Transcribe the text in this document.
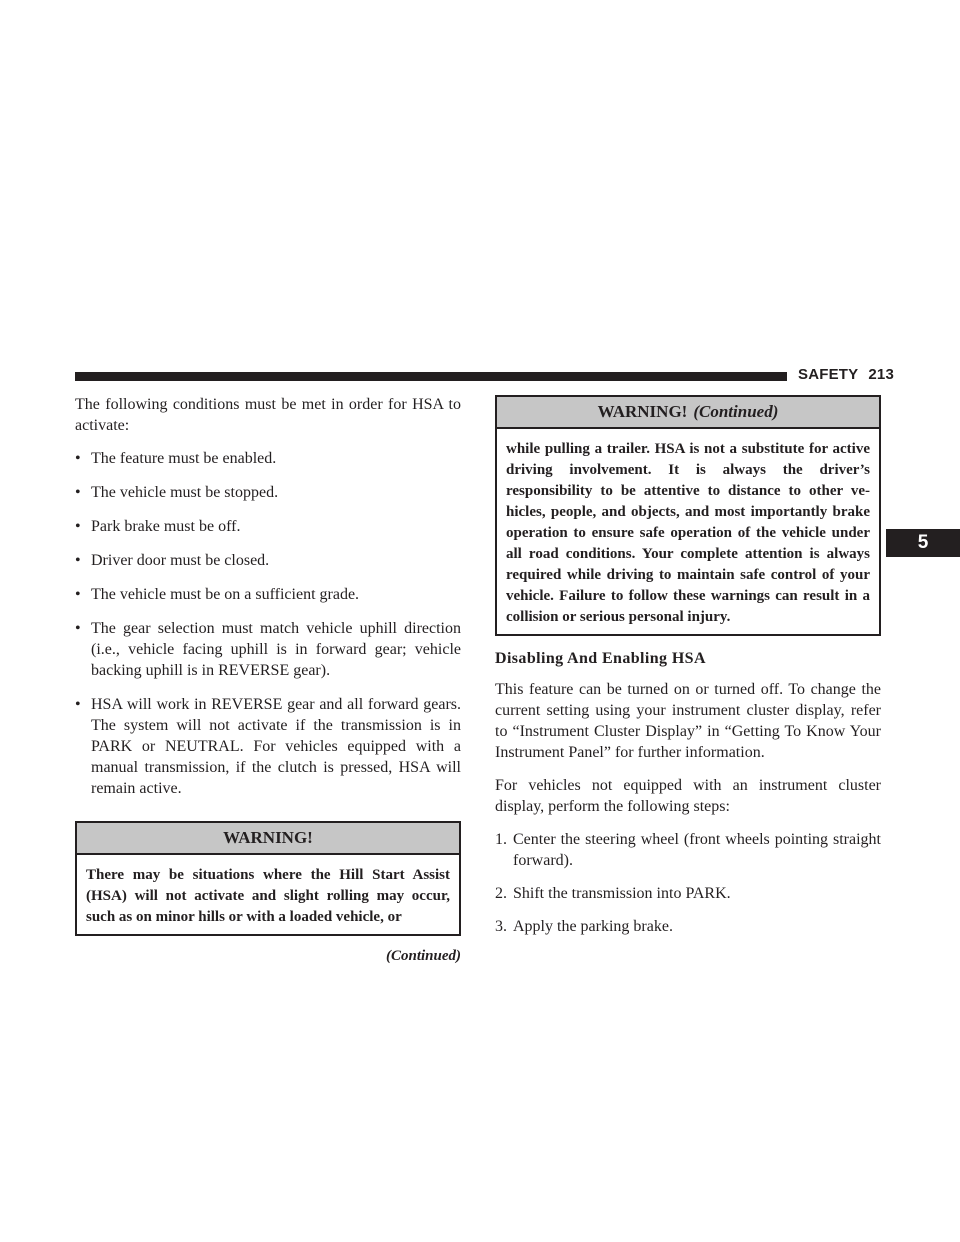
SAFETY 213
5

The following conditions must be met in order for HSA to activate:

• The feature must be enabled.
• The vehicle must be stopped.
• Park brake must be off.
• Driver door must be closed.
• The vehicle must be on a sufficient grade.
• The gear selection must match vehicle uphill direction (i.e., vehicle facing uphill is in forward gear; vehicle backing uphill is in REVERSE gear).
• HSA will work in REVERSE gear and all forward gears. The system will not activate if the transmission is in PARK or NEUTRAL. For vehicles equipped with a manual transmission, if the clutch is pressed, HSA will remain active.
WARNING!
There may be situations where the Hill Start Assist (HSA) will not activate and slight rolling may occur, such as on minor hills or with a loaded vehicle, or
(Continued)
WARNING! (Continued)
while pulling a trailer. HSA is not a substitute for active driving involvement. It is always the driver’s responsibility to be attentive to distance to other ve-hicles, people, and objects, and most importantly brake operation to ensure safe operation of the vehicle under all road conditions. Your complete attention is always required while driving to maintain safe control of your vehicle. Failure to follow these warnings can result in a collision or serious personal injury.
Disabling And Enabling HSA

This feature can be turned on or turned off. To change the current setting using your instrument cluster display, refer to “Instrument Cluster Display” in “Getting To Know Your Instrument Panel” for further information.

For vehicles not equipped with an instrument cluster display, perform the following steps:

1. Center the steering wheel (front wheels pointing straight forward).
2. Shift the transmission into PARK.
3. Apply the parking brake.
